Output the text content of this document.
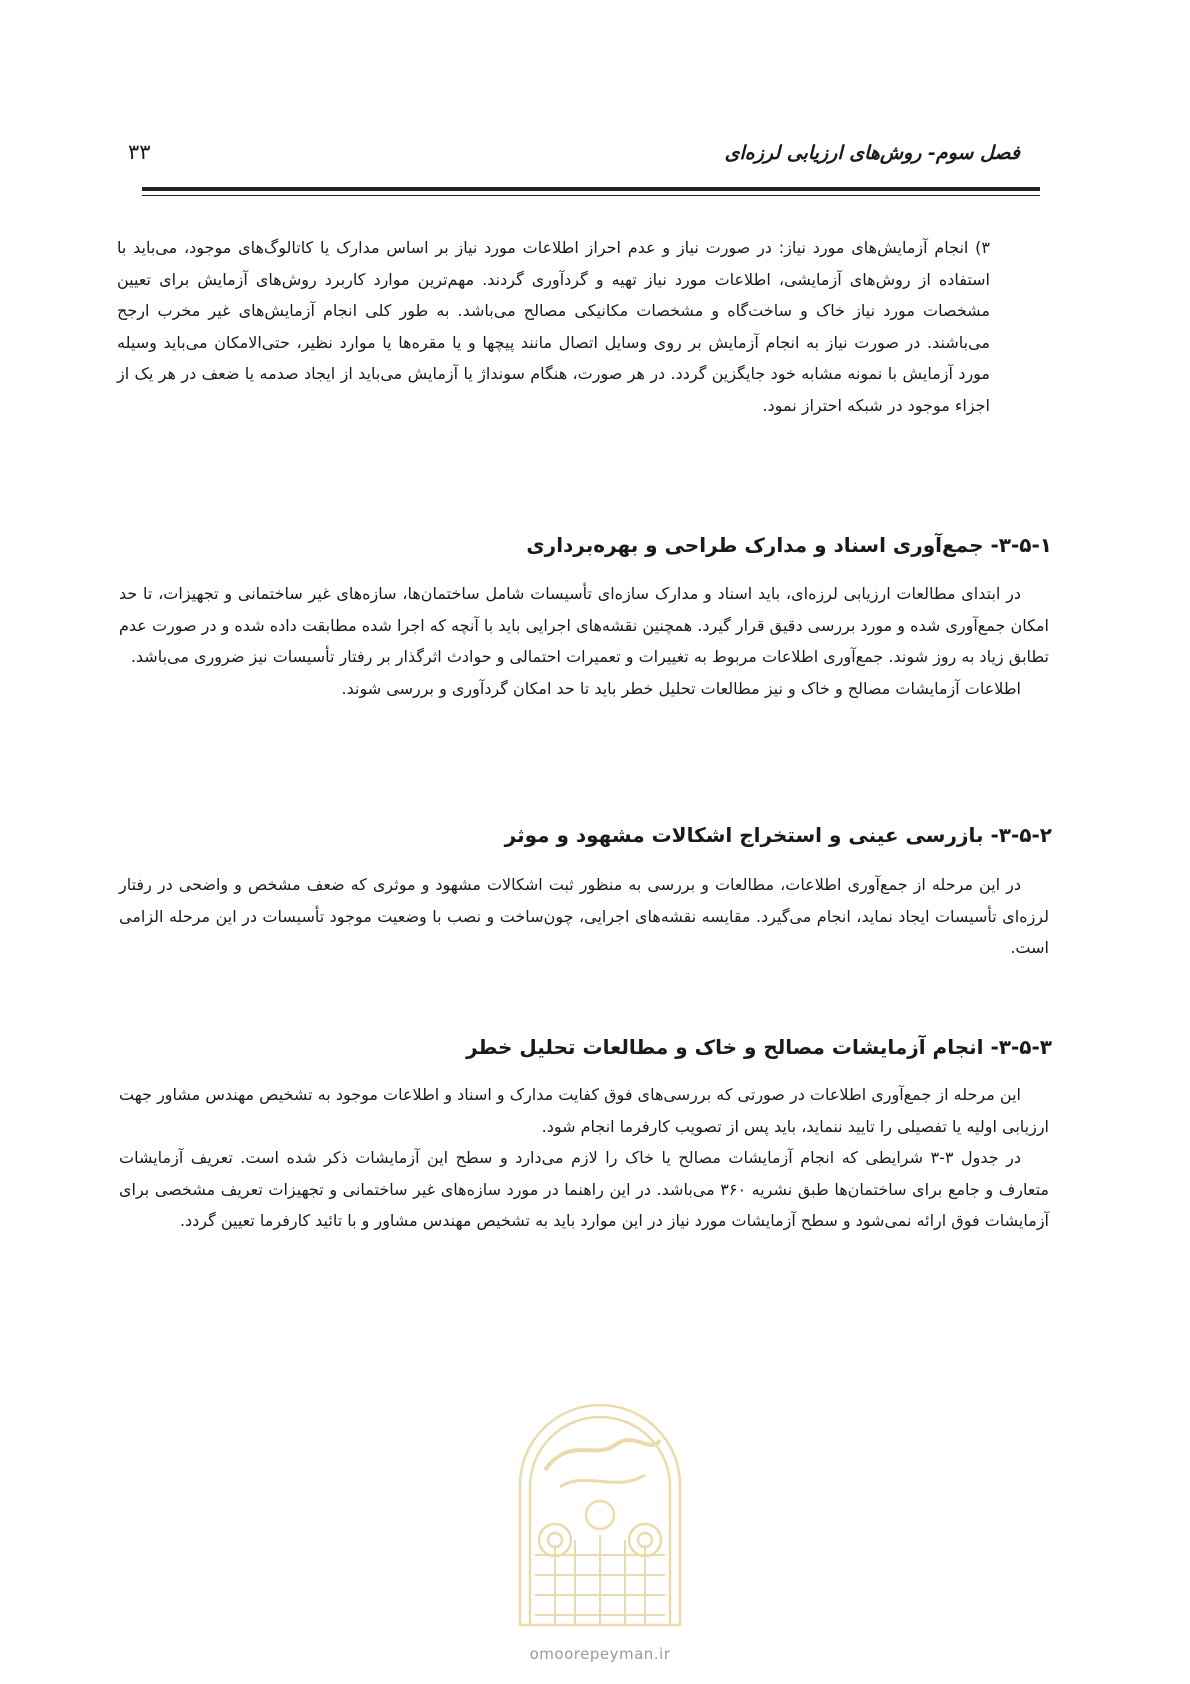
فصل سوم- روش‌های ارزیابی لرزه‌ای
۳۳

۳) انجام آزمایش‌های مورد نیاز: در صورت نیاز و عدم احراز اطلاعات مورد نیاز بر اساس مدارک یا کاتالوگ‌های موجود، می‌باید با استفاده از روش‌های آزمایشی، اطلاعات مورد نیاز تهیه و گردآوری گردند. مهم‌ترین موارد کاربرد روش‌های آزمایش برای تعیین مشخصات مورد نیاز خاک و ساخت‌گاه و مشخصات مکانیکی مصالح می‌باشد. به طور کلی انجام آزمایش‌های غیر مخرب ارجح می‌باشند. در صورت نیاز به انجام آزمایش بر روی وسایل اتصال مانند پیچها و یا مقره‌ها یا موارد نظیر، حتی‌الامکان می‌باید وسیله مورد آزمایش با نمونه مشابه خود جایگزین گردد. در هر صورت، هنگام سونداژ یا آزمایش می‌باید از ایجاد صدمه یا ضعف در هر یک از اجزاء موجود در شبکه احتراز نمود.

۳-۵-۱- جمع‌آوری اسناد و مدارک طراحی و بهره‌برداری

در ابتدای مطالعات ارزیابی لرزه‌ای، باید اسناد و مدارک سازه‌ای تأسیسات شامل ساختمان‌ها، سازه‌های غیر ساختمانی و تجهیزات، تا حد امکان جمع‌آوری شده و مورد بررسی دقیق قرار گیرد. همچنین نقشه‌های اجرایی باید با آنچه که اجرا شده مطابقت داده شده و در صورت عدم تطابق زیاد به روز شوند. جمع‌آوری اطلاعات مربوط به تغییرات و تعمیرات احتمالی و حوادث اثرگذار بر رفتار تأسیسات نیز ضروری می‌باشد.

اطلاعات آزمایشات مصالح و خاک و نیز مطالعات تحلیل خطر باید تا حد امکان گردآوری و بررسی شوند.

۳-۵-۲- بازرسی عینی و استخراج اشکالات مشهود و موثر

در این مرحله از جمع‌آوری اطلاعات، مطالعات و بررسی به منظور ثبت اشکالات مشهود و موثری که ضعف مشخص و واضحی در رفتار لرزه‌ای تأسیسات ایجاد نماید، انجام می‌گیرد. مقایسه نقشه‌های اجرایی، چون‌ساخت و نصب با وضعیت موجود تأسیسات در این مرحله الزامی است.

۳-۵-۳- انجام آزمایشات مصالح و خاک و مطالعات تحلیل خطر

این مرحله از جمع‌آوری اطلاعات در صورتی که بررسی‌های فوق کفایت مدارک و اسناد و اطلاعات موجود به تشخیص مهندس مشاور جهت ارزیابی اولیه یا تفصیلی را تایید ننماید، باید پس از تصویب کارفرما انجام شود.

در جدول ۳-۳ شرایطی که انجام آزمایشات مصالح یا خاک را لازم می‌دارد و سطح این آزمایشات ذکر شده است. تعریف آزمایشات متعارف و جامع برای ساختمان‌ها طبق نشریه ۳۶۰ می‌باشد. در این راهنما در مورد سازه‌های غیر ساختمانی و تجهیزات تعریف مشخصی برای آزمایشات فوق ارائه نمی‌شود و سطح آزمایشات مورد نیاز در این موارد باید به تشخیص مهندس مشاور و با تائید کارفرما تعیین گردد.

omoorepeyman.ir
